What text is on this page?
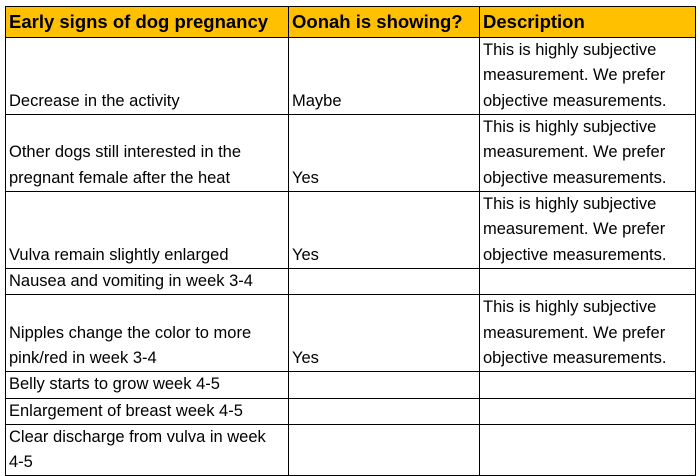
Early signs of dog pregnancy	Oonah is showing?	Description

Decrease in the activity	Maybe	This is highly subjective
measurement. We prefer
objective measurements.

Other dogs still interested in the
pregnant female after the heat	Yes	This is highly subjective
measurement. We prefer
objective measurements.

Vulva remain slightly enlarged	Yes	This is highly subjective
measurement. We prefer
objective measurements.

Nausea and vomiting in week 3-4		

Nipples change the color to more
pink/red in week 3-4	Yes	This is highly subjective
measurement. We prefer
objective measurements.

Belly starts to grow week 4-5		

Enlargement of breast week 4-5		

Clear discharge from vulva in week
4-5		
